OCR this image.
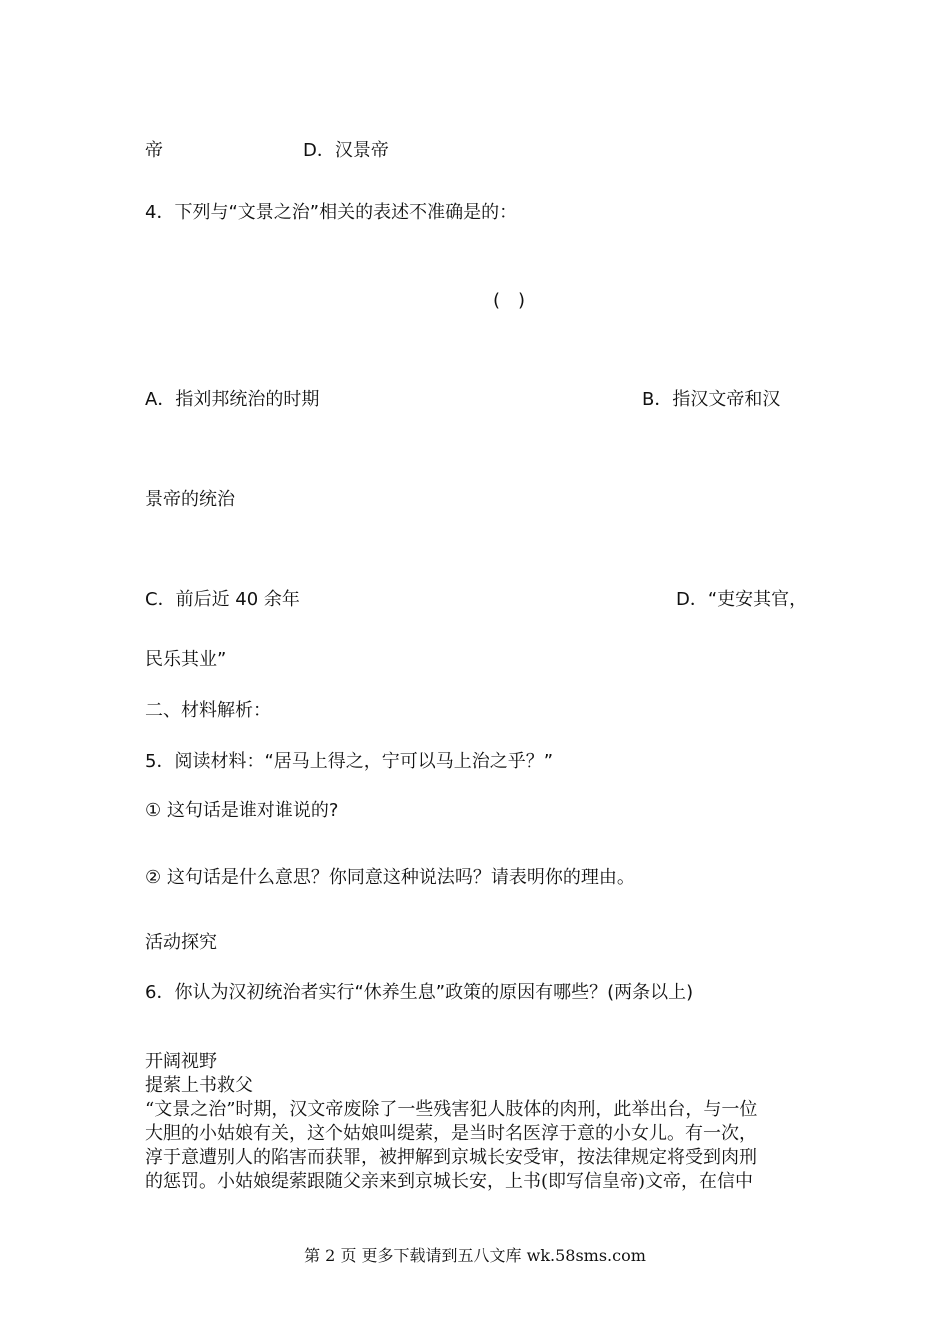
帝	D．汉景帝
4．下列与“文景之治”相关的表述不准确是的：
(　)
A．指刘邦统治的时期	B．指汉文帝和汉
景帝的统治
C．前后近 40 余年	D．“吏安其官，
民乐其业”
二、材料解析：
5．阅读材料：“居马上得之，宁可以马上治之乎？”
① 这句话是谁对谁说的?
② 这句话是什么意思？你同意这种说法吗？请表明你的理由。
活动探究
6．你认为汉初统治者实行“休养生息”政策的原因有哪些？(两条以上)
开阔视野
提萦上书救父
“文景之治”时期，汉文帝废除了一些残害犯人肢体的肉刑，此举出台，与一位
大胆的小姑娘有关，这个姑娘叫缇萦，是当时名医淳于意的小女儿。有一次，
淳于意遭别人的陷害而获罪，被押解到京城长安受审，按法律规定将受到肉刑
的惩罚。小姑娘缇萦跟随父亲来到京城长安，上书(即写信皇帝)文帝，在信中
第 2 页 更多下载请到五八文库 wk.58sms.com
